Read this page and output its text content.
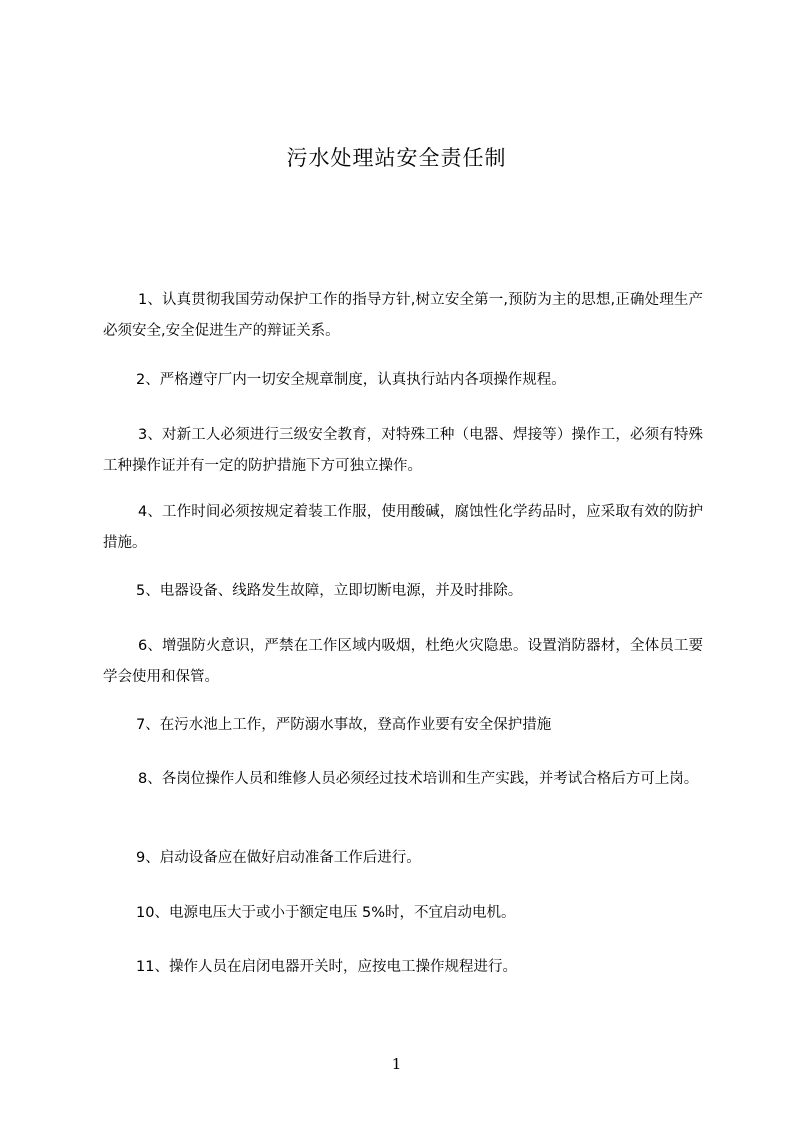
污水处理站安全责任制
1、认真贯彻我国劳动保护工作的指导方针,树立安全第一,预防为主的思想,正确处理生产必须安全,安全促进生产的辩证关系。
2、严格遵守厂内一切安全规章制度，认真执行站内各项操作规程。
3、对新工人必须进行三级安全教育，对特殊工种（电器、焊接等）操作工，必须有特殊工种操作证并有一定的防护措施下方可独立操作。
4、工作时间必须按规定着装工作服，使用酸碱，腐蚀性化学药品时，应采取有效的防护措施。
5、电器设备、线路发生故障，立即切断电源，并及时排除。
6、增强防火意识，严禁在工作区域内吸烟，杜绝火灾隐患。设置消防器材，全体员工要学会使用和保管。
7、在污水池上工作，严防溺水事故，登高作业要有安全保护措施
8、各岗位操作人员和维修人员必须经过技术培训和生产实践，并考试合格后方可上岗。
9、启动设备应在做好启动准备工作后进行。
10、电源电压大于或小于额定电压 5%时，不宜启动电机。
11、操作人员在启闭电器开关时，应按电工操作规程进行。
1
